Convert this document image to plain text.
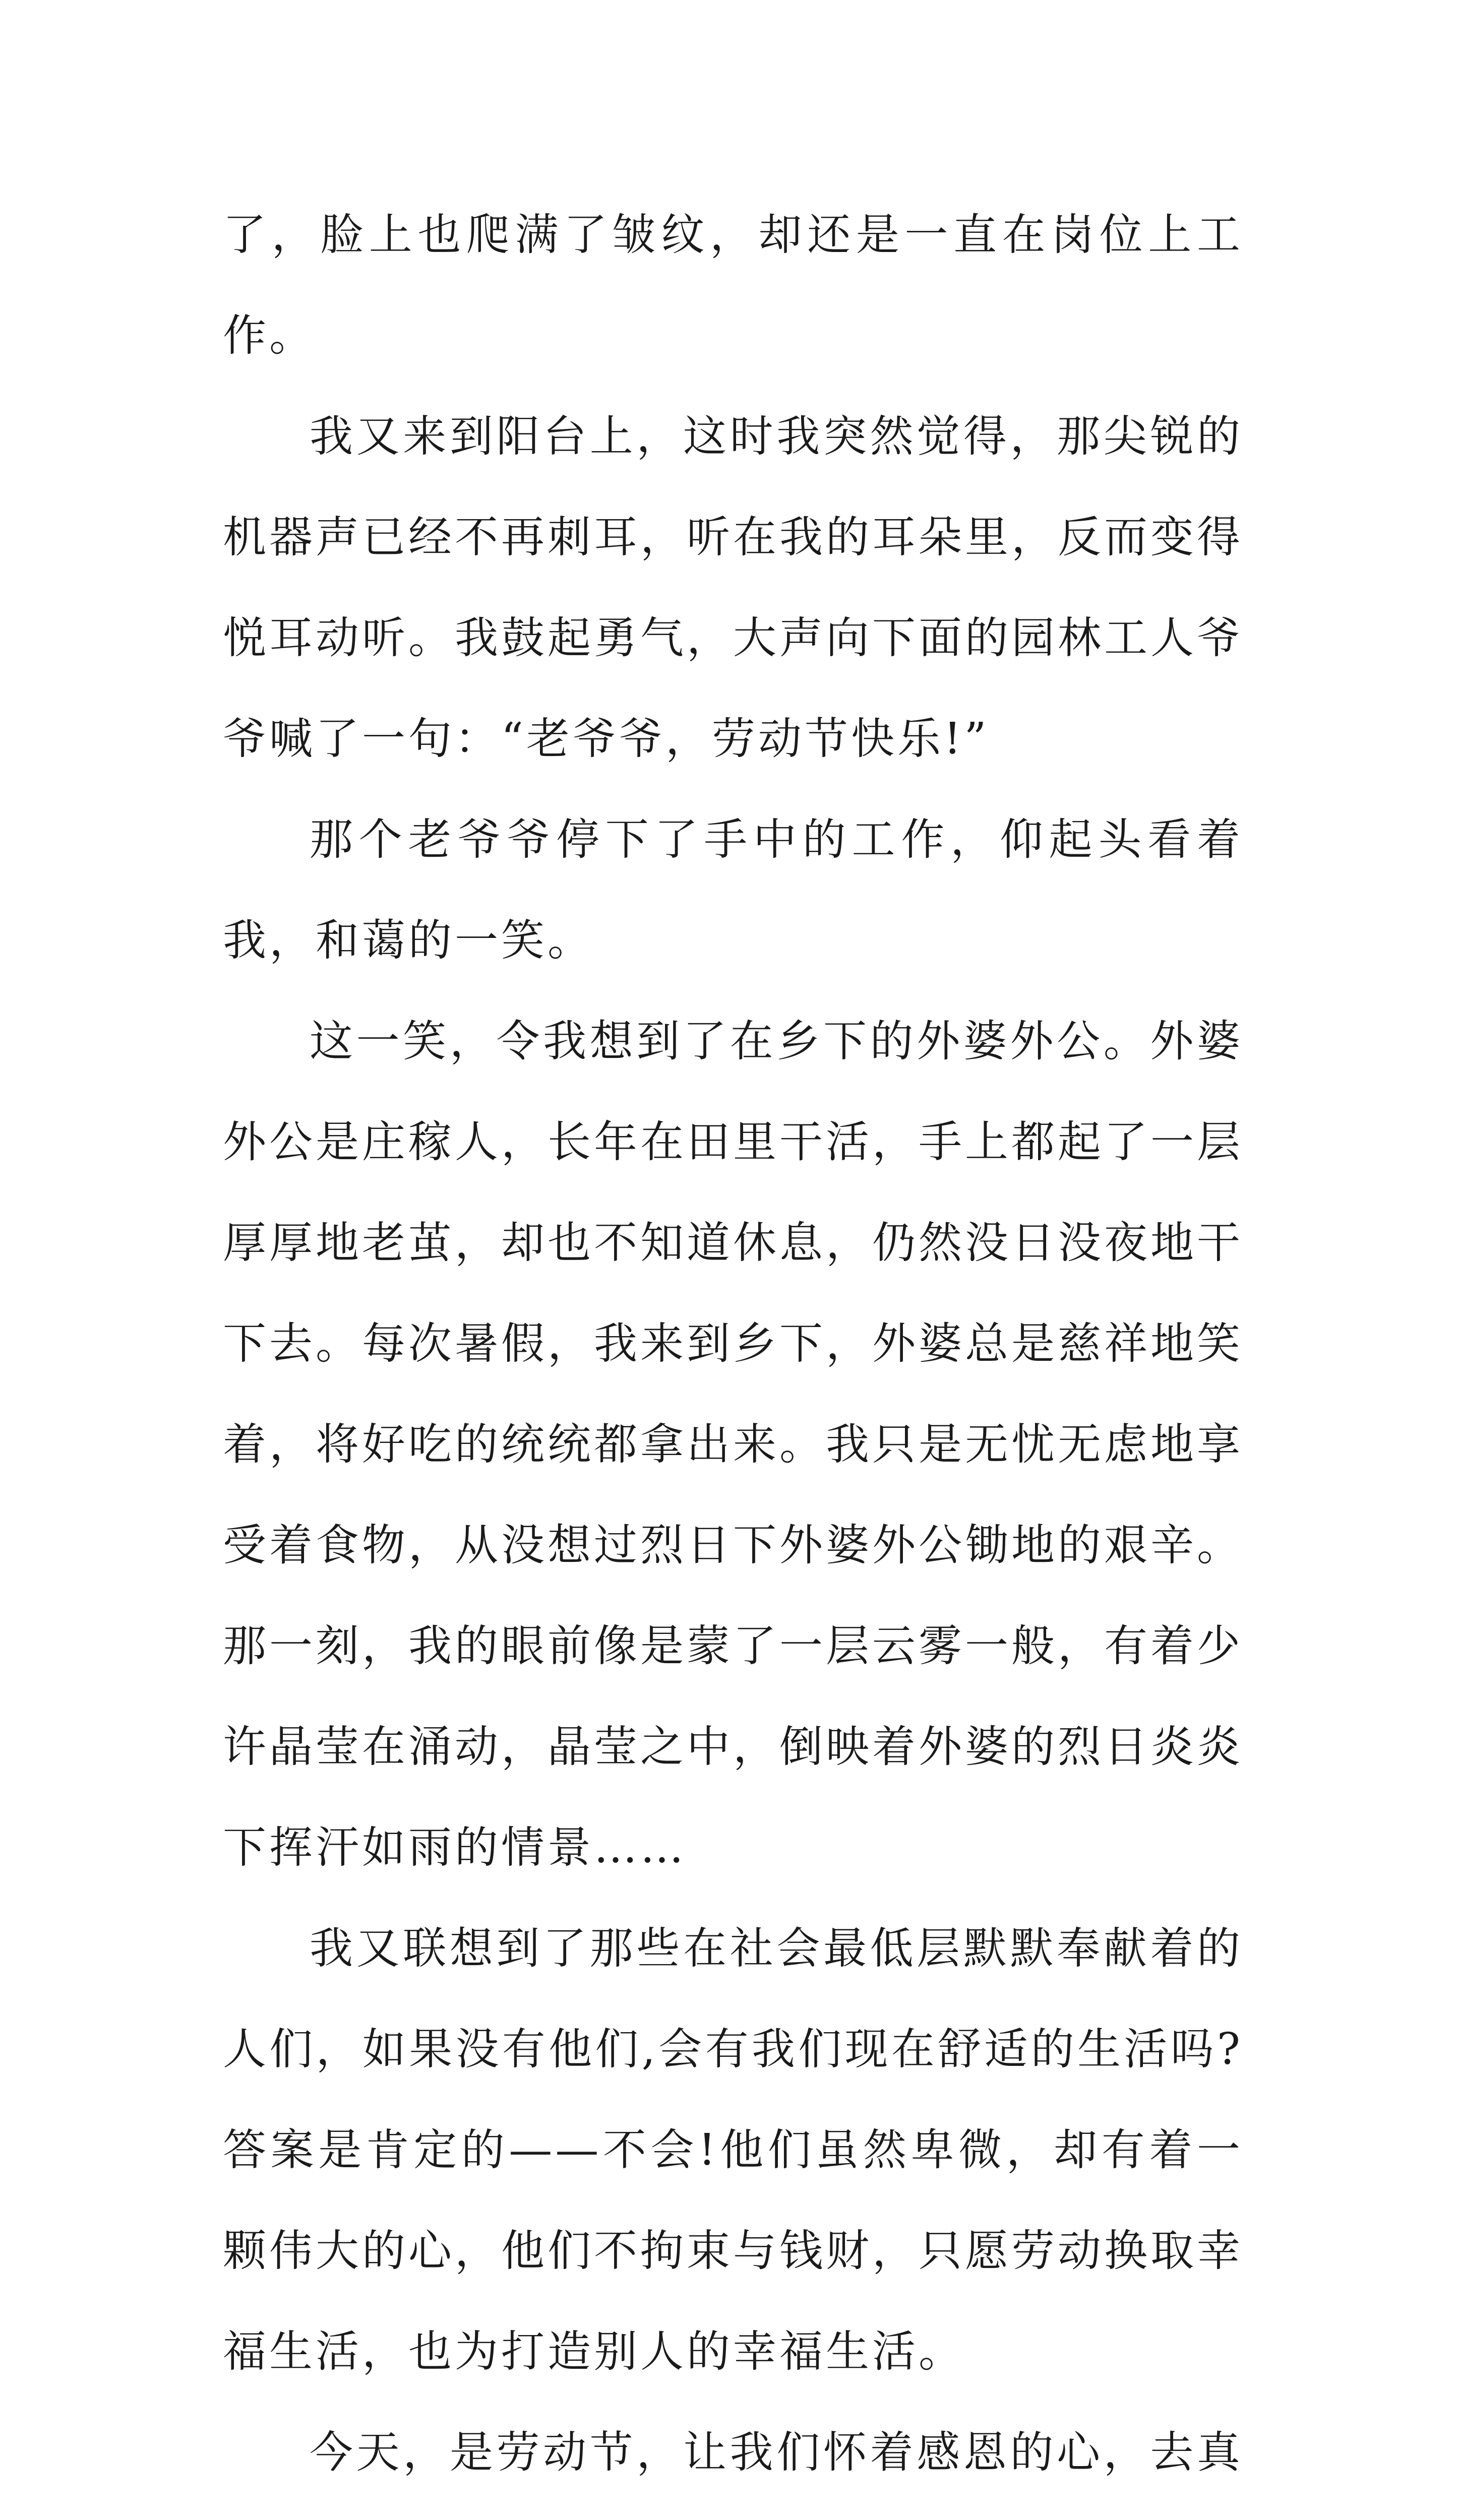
了，脸上也爬满了皱纹，却还是一直在岗位上工作。

我又来到阳台上，这时我突然觉得，那尖锐的机器声已经不再刺耳，听在我的耳朵里，反而变得悦耳动听。我鼓起勇气，大声向下面的园林工人爷爷喊了一句：“老爷爷，劳动节快乐!”

那个老爷爷停下了手中的工作，仰起头看着我，和蔼的一笑。

这一笑，令我想到了在乡下的外婆外公。外婆外公是庄稼人，长年在田里干活，手上都起了一层厚厚地老茧，却也不知道休息，仍然没日没夜地干下去。每次暑假，我来到乡下，外婆总是慈祥地笑着，将好吃的统统都拿出来。我只是无忧无虑地享受着食物，从没想过烈日下外婆外公锄地的艰辛。那一刻，我的眼前像是蒙了一层云雾一般，有着少许晶莹在涌动，晶莹之中，倒映着外婆的烈日炎炎下挥汗如雨的情景……

我又联想到了那些在社会最低层默默奉献着的人们，如果没有他们,会有我们现在舒适的生活吗?答案是肯定的——不会!他们虽然卑微，却有着一颗伟大的心，他们不拘束与钱财，只愿劳动换取幸福生活，也为打造别人的幸福生活。

今天，是劳动节，让我们怀着感恩的心，去真
